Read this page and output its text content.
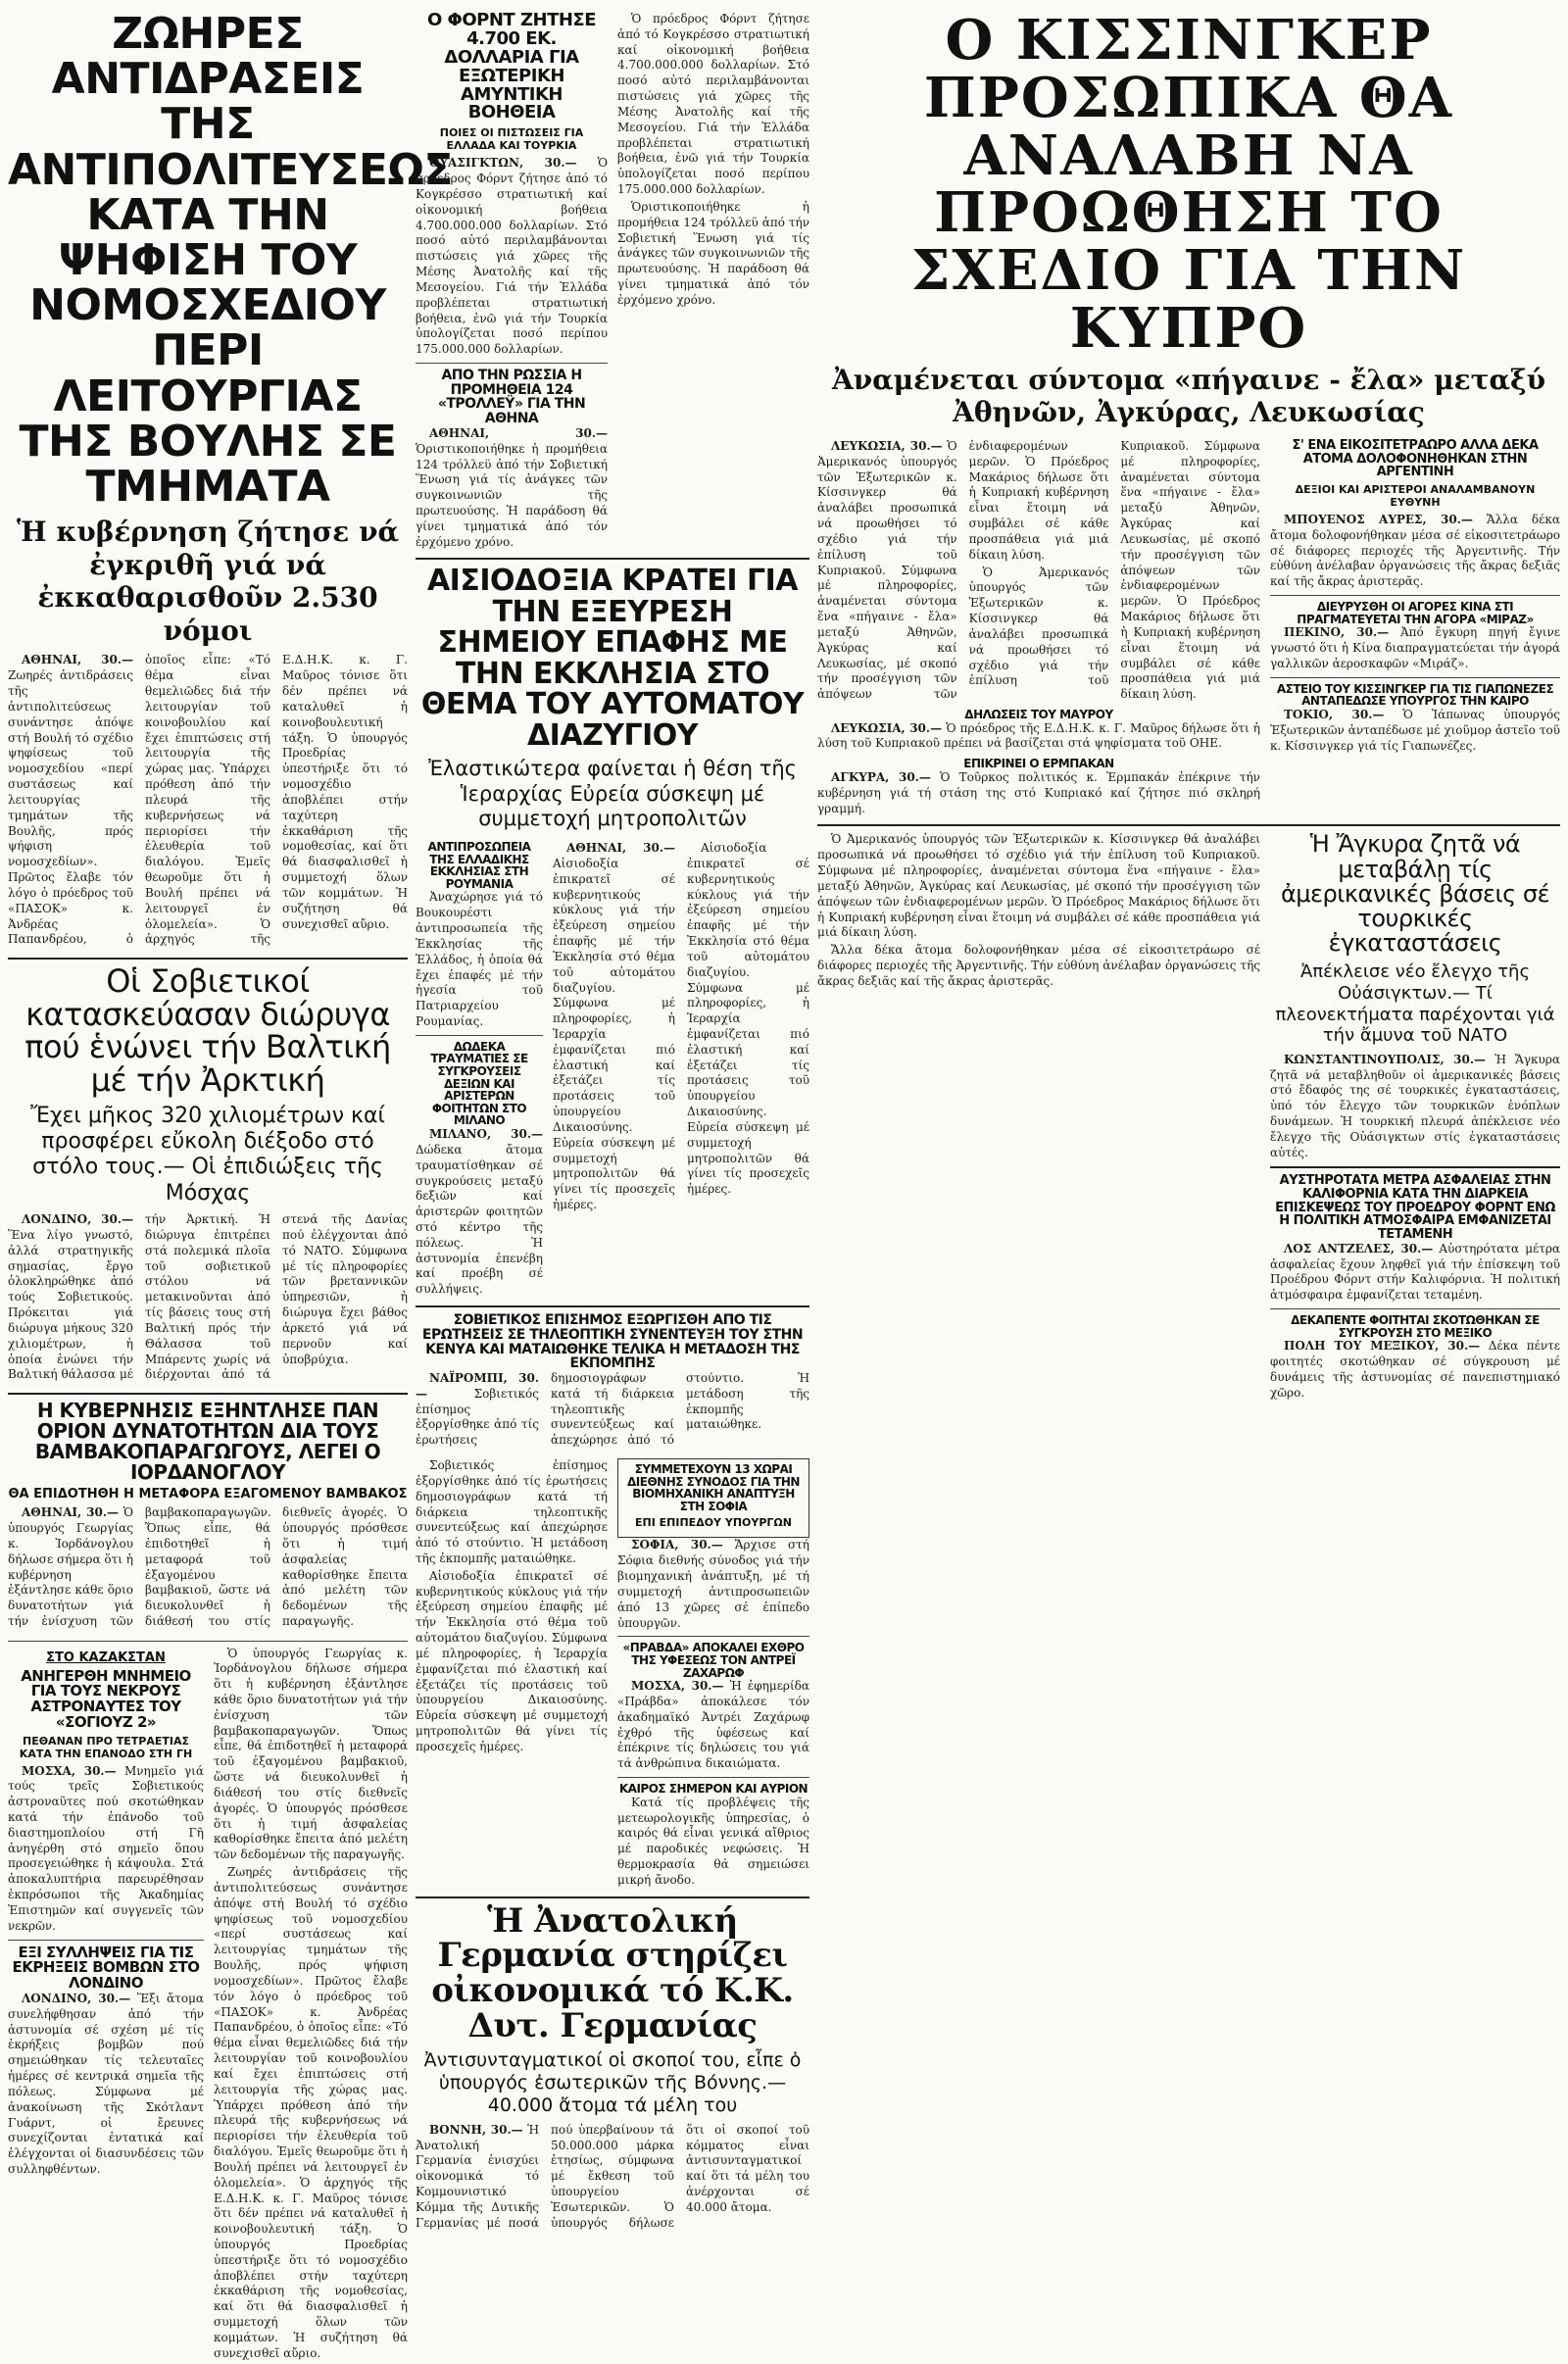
ΖΩΗΡΕΣ ΑΝΤΙΔΡΑΣΕΙΣ ΤΗΣ ΑΝΤΙΠΟΛΙΤΕΥΣΕΩΣ ΚΑΤΑ ΤΗΝ ΨΗΦΙΣΗ ΤΟΥ ΝΟΜΟΣΧΕΔΙΟΥ ΠΕΡΙ ΛΕΙΤΟΥΡΓΙΑΣ ΤΗΣ ΒΟΥΛΗΣ ΣΕ ΤΜΗΜΑΤΑ
Ἡ κυβέρνηση ζήτησε νά ἐγκριθῆ γιά νά ἐκκαθαρισθοῦν 2.530 νόμοι

ΑΘΗΝΑΙ, 30.— Ζωηρές ἀντιδράσεις τῆς ἀντιπολιτεύσεως συνάντησε ἀπόψε στή Βουλή τό σχέδιο ψηφίσεως τοῦ νομοσχεδίου «περί συστάσεως καί λειτουργίας τμημάτων τῆς Βουλῆς, πρός ψήφιση νομοσχεδίων». Πρῶτος ἔλαβε τόν λόγο ὁ πρόεδρος τοῦ «ΠΑΣΟΚ» κ. Ἀνδρέας Παπανδρέου, ὁ ὁποῖος εἶπε: «Τό θέμα εἶναι θεμελιῶδες διά τήν λειτουργίαν τοῦ κοινοβουλίου καί ἔχει ἐπιπτώσεις στή λειτουργία τῆς χώρας μας. Ὑπάρχει πρόθεση ἀπό τήν πλευρά τῆς κυβερνήσεως νά περιορίσει τήν ἐλευθερία τοῦ διαλόγου. Ἐμεῖς θεωροῦμε ὅτι ἡ Βουλή πρέπει νά λειτουργεῖ ἐν ὁλομελεία». Ὁ ἀρχηγός τῆς Ε.Δ.Η.Κ. κ. Γ. Μαῦρος τόνισε ὅτι δέν πρέπει νά καταλυθεῖ ἡ κοινοβουλευτική τάξη. Ὁ ὑπουργός Προεδρίας ὑπεστήριξε ὅτι τό νομοσχέδιο ἀποβλέπει στήν ταχύτερη ἐκκαθάριση τῆς νομοθεσίας, καί ὅτι θά διασφαλισθεῖ ἡ συμμετοχή ὅλων τῶν κομμάτων. Ἡ συζήτηση θά συνεχισθεῖ αὔριο.

Οἱ Σοβιετικοί κατασκεύασαν διώρυγα πού ἑνώνει τήν Βαλτική μέ τήν Ἀρκτική
Ἔχει μῆκος 320 χιλιομέτρων καί προσφέρει εὔκολη διέξοδο στό στόλο τους.— Οἱ ἐπιδιώξεις τῆς Μόσχας

ΛΟΝΔΙΝΟ, 30.— Ἕνα λίγο γνωστό, ἀλλά στρατηγικῆς σημασίας, ἔργο ὁλοκληρώθηκε ἀπό τούς Σοβιετικούς. Πρόκειται γιά διώρυγα μήκους 320 χιλιομέτρων, ἡ ὁποία ἑνώνει τήν Βαλτική θάλασσα μέ τήν Ἀρκτική. Ἡ διώρυγα ἐπιτρέπει στά πολεμικά πλοῖα τοῦ σοβιετικοῦ στόλου νά μετακινοῦνται ἀπό τίς βάσεις τους στή Βαλτική πρός τήν Θάλασσα τοῦ Μπάρεντς χωρίς νά διέρχονται ἀπό τά στενά τῆς Δανίας πού ἐλέγχονται ἀπό τό ΝΑΤΟ. Σύμφωνα μέ τίς πληροφορίες τῶν βρεταννικῶν ὑπηρεσιῶν, ἡ διώρυγα ἔχει βάθος ἀρκετό γιά νά περνοῦν καί ὑποβρύχια.

Η ΚΥΒΕΡΝΗΣΙΣ ΕΞΗΝΤΛΗΣΕ ΠΑΝ ΟΡΙΟΝ ΔΥΝΑΤΟΤΗΤΩΝ ΔΙΑ ΤΟΥΣ ΒΑΜΒΑΚΟΠΑΡΑΓΩΓΟΥΣ, ΛΕΓΕΙ Ο ΙΟΡΔΑΝΟΓΛΟΥ
ΘΑ ΕΠΙΔΟΤΗΘΗ Η ΜΕΤΑΦΟΡΑ ΕΞΑΓΟΜΕΝΟΥ ΒΑΜΒΑΚΟΣ

ΑΘΗΝΑΙ, 30.— Ὁ ὑπουργός Γεωργίας κ. Ἰορδάνογλου δήλωσε σήμερα ὅτι ἡ κυβέρνηση ἐξάντλησε κάθε ὅριο δυνατοτήτων γιά τήν ἐνίσχυση τῶν βαμβακοπαραγωγῶν. Ὅπως εἶπε, θά ἐπιδοτηθεῖ ἡ μεταφορά τοῦ ἐξαγομένου βαμβακιοῦ, ὥστε νά διευκολυνθεῖ ἡ διάθεσή του στίς διεθνεῖς ἀγορές. Ὁ ὑπουργός πρόσθεσε ὅτι ἡ τιμή ἀσφαλείας καθορίσθηκε ἔπειτα ἀπό μελέτη τῶν δεδομένων τῆς παραγωγῆς.

ΣΤΟ ΚΑΖΑΚΣΤΑΝ
ΑΝΗΓΕΡΘΗ ΜΝΗΜΕΙΟ ΓΙΑ ΤΟΥΣ ΝΕΚΡΟΥΣ ΑΣΤΡΟΝΑΥΤΕΣ ΤΟΥ «ΣΟΓΙΟΥΖ 2»
ΠΕΘΑΝΑΝ ΠΡΟ ΤΕΤΡΑΕΤΙΑΣ ΚΑΤΑ ΤΗΝ ΕΠΑΝΟΔΟ ΣΤΗ ΓΗ

ΜΟΣΧΑ, 30.— Μνημεῖο γιά τούς τρεῖς Σοβιετικούς ἀστροναῦτες πού σκοτώθηκαν κατά τήν ἐπάνοδο τοῦ διαστημοπλοίου στή Γῆ ἀνηγέρθη στό σημεῖο ὅπου προσεγειώθηκε ἡ κάψουλα. Στά ἀποκαλυπτήρια παρευρέθησαν ἐκπρόσωποι τῆς Ἀκαδημίας Ἐπιστημῶν καί συγγενεῖς τῶν νεκρῶν.

ΕΞΙ ΣΥΛΛΗΨΕΙΣ ΓΙΑ ΤΙΣ ΕΚΡΗΞΕΙΣ ΒΟΜΒΩΝ ΣΤΟ ΛΟΝΔΙΝΟ

ΛΟΝΔΙΝΟ, 30.— Ἕξι ἄτομα συνελήφθησαν ἀπό τήν ἀστυνομία σέ σχέση μέ τίς ἐκρήξεις βομβῶν πού σημειώθηκαν τίς τελευταῖες ἡμέρες σέ κεντρικά σημεῖα τῆς πόλεως. Σύμφωνα μέ ἀνακοίνωση τῆς Σκότλαντ Γυάρντ, οἱ ἔρευνες συνεχίζονται ἐντατικά καί ἐλέγχονται οἱ διασυνδέσεις τῶν συλληφθέντων.

Ὁ ὑπουργός Γεωργίας κ. Ἰορδάνογλου δήλωσε σήμερα ὅτι ἡ κυβέρνηση ἐξάντλησε κάθε ὅριο δυνατοτήτων γιά τήν ἐνίσχυση τῶν βαμβακοπαραγωγῶν. Ὅπως εἶπε, θά ἐπιδοτηθεῖ ἡ μεταφορά τοῦ ἐξαγομένου βαμβακιοῦ, ὥστε νά διευκολυνθεῖ ἡ διάθεσή του στίς διεθνεῖς ἀγορές. Ὁ ὑπουργός πρόσθεσε ὅτι ἡ τιμή ἀσφαλείας καθορίσθηκε ἔπειτα ἀπό μελέτη τῶν δεδομένων τῆς παραγωγῆς.

Ζωηρές ἀντιδράσεις τῆς ἀντιπολιτεύσεως συνάντησε ἀπόψε στή Βουλή τό σχέδιο ψηφίσεως τοῦ νομοσχεδίου «περί συστάσεως καί λειτουργίας τμημάτων τῆς Βουλῆς, πρός ψήφιση νομοσχεδίων». Πρῶτος ἔλαβε τόν λόγο ὁ πρόεδρος τοῦ «ΠΑΣΟΚ» κ. Ἀνδρέας Παπανδρέου, ὁ ὁποῖος εἶπε: «Τό θέμα εἶναι θεμελιῶδες διά τήν λειτουργίαν τοῦ κοινοβουλίου καί ἔχει ἐπιπτώσεις στή λειτουργία τῆς χώρας μας. Ὑπάρχει πρόθεση ἀπό τήν πλευρά τῆς κυβερνήσεως νά περιορίσει τήν ἐλευθερία τοῦ διαλόγου. Ἐμεῖς θεωροῦμε ὅτι ἡ Βουλή πρέπει νά λειτουργεῖ ἐν ὁλομελεία». Ὁ ἀρχηγός τῆς Ε.Δ.Η.Κ. κ. Γ. Μαῦρος τόνισε ὅτι δέν πρέπει νά καταλυθεῖ ἡ κοινοβουλευτική τάξη. Ὁ ὑπουργός Προεδρίας ὑπεστήριξε ὅτι τό νομοσχέδιο ἀποβλέπει στήν ταχύτερη ἐκκαθάριση τῆς νομοθεσίας, καί ὅτι θά διασφαλισθεῖ ἡ συμμετοχή ὅλων τῶν κομμάτων. Ἡ συζήτηση θά συνεχισθεῖ αὔριο.

Ο ΦΟΡΝΤ ΖΗΤΗΣΕ 4.700 ΕΚ. ΔΟΛΛΑΡΙΑ ΓΙΑ ΕΞΩΤΕΡΙΚΗ ΑΜΥΝΤΙΚΗ ΒΟΗΘΕΙΑ
ΠΟΙΕΣ ΟΙ ΠΙΣΤΩΣΕΙΣ ΓΙΑ ΕΛΛΑΔΑ ΚΑΙ ΤΟΥΡΚΙΑ

ΟΥΑΣΙΓΚΤΩΝ, 30.— Ὁ πρόεδρος Φόρντ ζήτησε ἀπό τό Κογκρέσσο στρατιωτική καί οἰκονομική βοήθεια 4.700.000.000 δολλαρίων. Στό ποσό αὐτό περιλαμβάνονται πιστώσεις γιά χῶρες τῆς Μέσης Ἀνατολῆς καί τῆς Μεσογείου. Γιά τήν Ἑλλάδα προβλέπεται στρατιωτική βοήθεια, ἐνῶ γιά τήν Τουρκία ὑπολογίζεται ποσό περίπου 175.000.000 δολλαρίων.

ΑΠΟ ΤΗΝ ΡΩΣΣΙΑ Η ΠΡΟΜΗΘΕΙΑ 124 «ΤΡΟΛΛΕΫ» ΓΙΑ ΤΗΝ ΑΘΗΝΑ

ΑΘΗΝΑΙ, 30.— Ὁριστικοποιήθηκε ἡ προμήθεια 124 τρόλλεϋ ἀπό τήν Σοβιετική Ἕνωση γιά τίς ἀνάγκες τῶν συγκοινωνιῶν τῆς πρωτευούσης. Ἡ παράδοση θά γίνει τμηματικά ἀπό τόν ἐρχόμενο χρόνο.

Ὁ πρόεδρος Φόρντ ζήτησε ἀπό τό Κογκρέσσο στρατιωτική καί οἰκονομική βοήθεια 4.700.000.000 δολλαρίων. Στό ποσό αὐτό περιλαμβάνονται πιστώσεις γιά χῶρες τῆς Μέσης Ἀνατολῆς καί τῆς Μεσογείου. Γιά τήν Ἑλλάδα προβλέπεται στρατιωτική βοήθεια, ἐνῶ γιά τήν Τουρκία ὑπολογίζεται ποσό περίπου 175.000.000 δολλαρίων.

Ὁριστικοποιήθηκε ἡ προμήθεια 124 τρόλλεϋ ἀπό τήν Σοβιετική Ἕνωση γιά τίς ἀνάγκες τῶν συγκοινωνιῶν τῆς πρωτευούσης. Ἡ παράδοση θά γίνει τμηματικά ἀπό τόν ἐρχόμενο χρόνο.

ΑΙΣΙΟΔΟΞΙΑ ΚΡΑΤΕΙ ΓΙΑ ΤΗΝ ΕΞΕΥΡΕΣΗ ΣΗΜΕΙΟΥ ΕΠΑΦΗΣ ΜΕ ΤΗΝ ΕΚΚΛΗΣΙΑ ΣΤΟ ΘΕΜΑ ΤΟΥ ΑΥΤΟΜΑΤΟΥ ΔΙΑΖΥΓΙΟΥ
Ἐλαστικώτερα φαίνεται ἡ θέση τῆς Ἱεραρχίας Εὐρεία σύσκεψη μέ συμμετοχή μητροπολιτῶν
ΑΝΤΙΠΡΟΣΩΠΕΙΑ ΤΗΣ ΕΛΛΑΔΙΚΗΣ ΕΚΚΛΗΣΙΑΣ ΣΤΗ ΡΟΥΜΑΝΙΑ

Ἀναχώρησε γιά τό Βουκουρέστι ἀντιπροσωπεία τῆς Ἐκκλησίας τῆς Ἑλλάδος, ἡ ὁποία θά ἔχει ἐπαφές μέ τήν ἡγεσία τοῦ Πατριαρχείου Ρουμανίας.

ΔΩΔΕΚΑ ΤΡΑΥΜΑΤΙΕΣ ΣΕ ΣΥΓΚΡΟΥΣΕΙΣ ΔΕΞΙΩΝ ΚΑΙ ΑΡΙΣΤΕΡΩΝ ΦΟΙΤΗΤΩΝ ΣΤΟ ΜΙΛΑΝΟ

ΜΙΛΑΝΟ, 30.— Δώδεκα ἄτομα τραυματίσθηκαν σέ συγκρούσεις μεταξύ δεξιῶν καί ἀριστερῶν φοιτητῶν στό κέντρο τῆς πόλεως. Ἡ ἀστυνομία ἐπενέβη καί προέβη σέ συλλήψεις.

ΑΘΗΝΑΙ, 30.— Αἰσιοδοξία ἐπικρατεῖ σέ κυβερνητικούς κύκλους γιά τήν ἐξεύρεση σημείου ἐπαφῆς μέ τήν Ἐκκλησία στό θέμα τοῦ αὐτομάτου διαζυγίου. Σύμφωνα μέ πληροφορίες, ἡ Ἱεραρχία ἐμφανίζεται πιό ἐλαστική καί ἐξετάζει τίς προτάσεις τοῦ ὑπουργείου Δικαιοσύνης. Εὐρεία σύσκεψη μέ συμμετοχή μητροπολιτῶν θά γίνει τίς προσεχεῖς ἡμέρες.

Αἰσιοδοξία ἐπικρατεῖ σέ κυβερνητικούς κύκλους γιά τήν ἐξεύρεση σημείου ἐπαφῆς μέ τήν Ἐκκλησία στό θέμα τοῦ αὐτομάτου διαζυγίου. Σύμφωνα μέ πληροφορίες, ἡ Ἱεραρχία ἐμφανίζεται πιό ἐλαστική καί ἐξετάζει τίς προτάσεις τοῦ ὑπουργείου Δικαιοσύνης. Εὐρεία σύσκεψη μέ συμμετοχή μητροπολιτῶν θά γίνει τίς προσεχεῖς ἡμέρες.

ΣΟΒΙΕΤΙΚΟΣ ΕΠΙΣΗΜΟΣ ΕΞΩΡΓΙΣΘΗ ΑΠΟ ΤΙΣ ΕΡΩΤΗΣΕΙΣ ΣΕ ΤΗΛΕΟΠΤΙΚΗ ΣΥΝΕΝΤΕΥΞΗ ΤΟΥ ΣΤΗΝ ΚΕΝΥΑ ΚΑΙ ΜΑΤΑΙΩΘΗΚΕ ΤΕΛΙΚΑ Η ΜΕΤΑΔΟΣΗ ΤΗΣ ΕΚΠΟΜΠΗΣ

ΝΑΪΡΟΜΠΙ, 30.—	Σοβιετικός ἐπίσημος ἐξοργίσθηκε ἀπό τίς ἐρωτήσεις δημοσιογράφων κατά τή διάρκεια τηλεοπτικῆς συνεντεύξεως καί ἀπεχώρησε ἀπό τό στούντιο. Ἡ μετάδοση τῆς ἐκπομπῆς ματαιώθηκε.

Σοβιετικός ἐπίσημος ἐξοργίσθηκε ἀπό τίς ἐρωτήσεις δημοσιογράφων κατά τή διάρκεια τηλεοπτικῆς συνεντεύξεως καί ἀπεχώρησε ἀπό τό στούντιο. Ἡ μετάδοση τῆς ἐκπομπῆς ματαιώθηκε.

Αἰσιοδοξία ἐπικρατεῖ σέ κυβερνητικούς κύκλους γιά τήν ἐξεύρεση σημείου ἐπαφῆς μέ τήν Ἐκκλησία στό θέμα τοῦ αὐτομάτου διαζυγίου. Σύμφωνα μέ πληροφορίες, ἡ Ἱεραρχία ἐμφανίζεται πιό ἐλαστική καί ἐξετάζει τίς προτάσεις τοῦ ὑπουργείου Δικαιοσύνης. Εὐρεία σύσκεψη μέ συμμετοχή μητροπολιτῶν θά γίνει τίς προσεχεῖς ἡμέρες.

ΣΥΜΜΕΤΕΧΟΥΝ 13 ΧΩΡΑΙ ΔΙΕΘΝΗΣ ΣΥΝΟΔΟΣ ΓΙΑ ΤΗΝ ΒΙΟΜΗΧΑΝΙΚΗ ΑΝΑΠΤΥΞΗ ΣΤΗ ΣΟΦΙΑ
ΕΠΙ ΕΠΙΠΕΔΟΥ ΥΠΟΥΡΓΩΝ

ΣΟΦΙΑ, 30.— Ἄρχισε στή Σόφια διεθνής σύνοδος γιά τήν βιομηχανική ἀνάπτυξη, μέ τή συμμετοχή ἀντιπροσωπειῶν ἀπό 13 χῶρες σέ ἐπίπεδο ὑπουργῶν.

«ΠΡΑΒΔΑ» ΑΠΟΚΑΛΕΙ ΕΧΘΡΟ ΤΗΣ ΥΦΕΣΕΩΣ ΤΟΝ ΑΝΤΡΕΪ ΖΑΧΑΡΩΦ

ΜΟΣΧΑ, 30.— Ἡ ἐφημερίδα «Πράβδα» ἀποκάλεσε τόν ἀκαδημαϊκό Ἀντρέι Ζαχάρωφ ἐχθρό τῆς ὑφέσεως καί ἐπέκρινε τίς δηλώσεις του γιά τά ἀνθρώπινα δικαιώματα.

ΚΑΙΡΟΣ ΣΗΜΕΡΟΝ ΚΑΙ ΑΥΡΙΟΝ

Κατά τίς προβλέψεις τῆς μετεωρολογικῆς ὑπηρεσίας, ὁ καιρός θά εἶναι γενικά αἴθριος μέ παροδικές νεφώσεις. Ἡ θερμοκρασία θά σημειώσει μικρή ἄνοδο.

Ἡ Ἀνατολική Γερμανία στηρίζει οἰκονομικά τό Κ.Κ. Δυτ. Γερμανίας
Ἀντισυνταγματικοί οἱ σκοποί του, εἶπε ὁ ὑπουργός ἐσωτερικῶν τῆς Βόννης.— 40.000 ἄτομα τά μέλη του

ΒΟΝΝΗ, 30.— Ἡ Ἀνατολική Γερμανία ἐνισχύει οἰκονομικά τό Κομμουνιστικό Κόμμα τῆς Δυτικῆς Γερμανίας μέ ποσά πού ὑπερβαίνουν τά 50.000.000 μάρκα ἐτησίως, σύμφωνα μέ ἔκθεση τοῦ ὑπουργείου Ἐσωτερικῶν. Ὁ ὑπουργός δήλωσε ὅτι οἱ σκοποί τοῦ κόμματος εἶναι ἀντισυνταγματικοί καί ὅτι τά μέλη του ἀνέρχονται σέ 40.000 ἄτομα.

Ο ΚΙΣΣΙΝΓΚΕΡ ΠΡΟΣΩΠΙΚΑ ΘΑ ΑΝΑΛΑΒΗ ΝΑ ΠΡΟΩΘΗΣΗ ΤΟ ΣΧΕΔΙΟ ΓΙΑ ΤΗΝ ΚΥΠΡΟ
Ἀναμένεται σύντομα «πήγαινε - ἔλα» μεταξύ Ἀθηνῶν, Ἀγκύρας, Λευκωσίας

ΛΕΥΚΩΣΙΑ, 30.— Ὁ Ἀμερικανός ὑπουργός τῶν Ἐξωτερικῶν κ. Κίσσινγκερ θά ἀναλάβει προσωπικά νά προωθήσει τό σχέδιο γιά τήν ἐπίλυση τοῦ Κυπριακοῦ. Σύμφωνα μέ πληροφορίες, ἀναμένεται σύντομα ἕνα «πήγαινε - ἔλα» μεταξύ Ἀθηνῶν, Ἀγκύρας καί Λευκωσίας, μέ σκοπό τήν προσέγγιση τῶν ἀπόψεων τῶν ἐνδιαφερομένων μερῶν. Ὁ Πρόεδρος Μακάριος δήλωσε ὅτι ἡ Κυπριακή κυβέρνηση εἶναι ἕτοιμη νά συμβάλει σέ κάθε προσπάθεια γιά μιά δίκαιη λύση.

Ὁ Ἀμερικανός ὑπουργός τῶν Ἐξωτερικῶν κ. Κίσσινγκερ θά ἀναλάβει προσωπικά νά προωθήσει τό σχέδιο γιά τήν ἐπίλυση τοῦ Κυπριακοῦ. Σύμφωνα μέ πληροφορίες, ἀναμένεται σύντομα ἕνα «πήγαινε - ἔλα» μεταξύ Ἀθηνῶν, Ἀγκύρας καί Λευκωσίας, μέ σκοπό τήν προσέγγιση τῶν ἀπόψεων τῶν ἐνδιαφερομένων μερῶν. Ὁ Πρόεδρος Μακάριος δήλωσε ὅτι ἡ Κυπριακή κυβέρνηση εἶναι ἕτοιμη νά συμβάλει σέ κάθε προσπάθεια γιά μιά δίκαιη λύση.

ΔΗΛΩΣΕΙΣ ΤΟΥ ΜΑΥΡΟΥ

ΛΕΥΚΩΣΙΑ, 30.— Ὁ πρόεδρος τῆς Ε.Δ.Η.Κ. κ. Γ. Μαῦρος δήλωσε ὅτι ἡ λύση τοῦ Κυπριακοῦ πρέπει νά βασίζεται στά ψηφίσματα τοῦ ΟΗΕ.

ΕΠΙΚΡΙΝΕΙ Ο ΕΡΜΠΑΚΑΝ

ΑΓΚΥΡΑ, 30.— Ὁ Τοῦρκος πολιτικός κ. Ἐρμπακάν ἐπέκρινε τήν κυβέρνηση γιά τή στάση της στό Κυπριακό καί ζήτησε πιό σκληρή γραμμή.

Σ' ΕΝΑ ΕΙΚΟΣΙΤΕΤΡΑΩΡΟ ΑΛΛΑ ΔΕΚΑ ΑΤΟΜΑ ΔΟΛΟΦΟΝΗΘΗΚΑΝ ΣΤΗΝ ΑΡΓΕΝΤΙΝΗ
ΔΕΞΙΟΙ ΚΑΙ ΑΡΙΣΤΕΡΟΙ ΑΝΑΛΑΜΒΑΝΟΥΝ ΕΥΘΥΝΗ

ΜΠΟΥΕΝΟΣ ΑΥΡΕΣ, 30.— Ἄλλα δέκα ἄτομα δολοφονήθηκαν μέσα σέ εἰκοσιτετράωρο σέ διάφορες περιοχές τῆς Ἀργεντινῆς. Τήν εὐθύνη ἀνέλαβαν ὀργανώσεις τῆς ἄκρας δεξιᾶς καί τῆς ἄκρας ἀριστερᾶς.

ΔΙΕΥΡΥΣΘΗ ΟΙ ΑΓΟΡΕΣ ΚΙΝΑ ΣΤΙ ΠΡΑΓΜΑΤΕΥΕΤΑΙ ΤΗΝ ΑΓΟΡΑ «ΜΙΡΑΖ»

ΠΕΚΙΝΟ, 30.— Ἀπό ἔγκυρη πηγή ἔγινε γνωστό ὅτι ἡ Κίνα διαπραγματεύεται τήν ἀγορά γαλλικῶν ἀεροσκαφῶν «Μιράζ».

ΑΣΤΕΙΟ ΤΟΥ ΚΙΣΣΙΝΓΚΕΡ ΓΙΑ ΤΙΣ ΓΙΑΠΩΝΕΖΕΣ ΑΝΤΑΠΕΔΩΣΕ ΥΠΟΥΡΓΟΣ ΤΗΝ ΚΑΙΡΟ

ΤΟΚΙΟ, 30.— Ὁ Ἰάπωνας ὑπουργός Ἐξωτερικῶν ἀνταπέδωσε μέ χιοῦμορ ἀστεῖο τοῦ κ. Κίσσινγκερ γιά τίς Γιαπωνέζες.

Ὁ Ἀμερικανός ὑπουργός τῶν Ἐξωτερικῶν κ. Κίσσινγκερ θά ἀναλάβει προσωπικά νά προωθήσει τό σχέδιο γιά τήν ἐπίλυση τοῦ Κυπριακοῦ. Σύμφωνα μέ πληροφορίες, ἀναμένεται σύντομα ἕνα «πήγαινε - ἔλα» μεταξύ Ἀθηνῶν, Ἀγκύρας καί Λευκωσίας, μέ σκοπό τήν προσέγγιση τῶν ἀπόψεων τῶν ἐνδιαφερομένων μερῶν. Ὁ Πρόεδρος Μακάριος δήλωσε ὅτι ἡ Κυπριακή κυβέρνηση εἶναι ἕτοιμη νά συμβάλει σέ κάθε προσπάθεια γιά μιά δίκαιη λύση.

Ἄλλα δέκα ἄτομα δολοφονήθηκαν μέσα σέ εἰκοσιτετράωρο σέ διάφορες περιοχές τῆς Ἀργεντινῆς. Τήν εὐθύνη ἀνέλαβαν ὀργανώσεις τῆς ἄκρας δεξιᾶς καί τῆς ἄκρας ἀριστερᾶς.

Ἡ Ἄγκυρα ζητᾶ νά μεταβάλῃ τίς ἀμερικανικές βάσεις σέ τουρκικές ἐγκαταστάσεις
Ἀπέκλεισε νέο ἔλεγχο τῆς Οὐάσιγκτων.— Τί πλεονεκτήματα παρέχονται γιά τήν ἄμυνα τοῦ ΝΑΤΟ

ΚΩΝΣΤΑΝΤΙΝΟΥΠΟΛΙΣ, 30.— Ἡ Ἄγκυρα ζητᾶ νά μεταβληθοῦν οἱ ἀμερικανικές βάσεις στό ἔδαφός της σέ τουρκικές ἐγκαταστάσεις, ὑπό τόν ἔλεγχο τῶν τουρκικῶν ἐνόπλων δυνάμεων. Ἡ τουρκική πλευρά ἀπέκλεισε νέο ἔλεγχο τῆς Οὐάσιγκτων στίς ἐγκαταστάσεις αὐτές.

ΑΥΣΤΗΡΟΤΑΤΑ ΜΕΤΡΑ ΑΣΦΑΛΕΙΑΣ ΣΤΗΝ ΚΑΛΙΦΟΡΝΙΑ ΚΑΤΑ ΤΗΝ ΔΙΑΡΚΕΙΑ ΕΠΙΣΚΕΨΕΩΣ ΤΟΥ ΠΡΟΕΔΡΟΥ ΦΟΡΝΤ ΕΝΩ Η ΠΟΛΙΤΙΚΗ ΑΤΜΟΣΦΑΙΡΑ ΕΜΦΑΝΙΖΕΤΑΙ ΤΕΤΑΜΕΝΗ

ΛΟΣ ΑΝΤΖΕΛΕΣ, 30.— Αὐστηρότατα μέτρα ἀσφαλείας ἔχουν ληφθεῖ γιά τήν ἐπίσκεψη τοῦ Προέδρου Φόρντ στήν Καλιφόρνια. Ἡ πολιτική ἀτμόσφαιρα ἐμφανίζεται τεταμένη.

ΔΕΚΑΠΕΝΤΕ ΦΟΙΤΗΤΑΙ ΣΚΟΤΩΘΗΚΑΝ ΣΕ ΣΥΓΚΡΟΥΣΗ ΣΤΟ ΜΕΞΙΚΟ

ΠΟΛΗ ΤΟΥ ΜΕΞΙΚΟΥ, 30.— Δέκα πέντε φοιτητές σκοτώθηκαν σέ σύγκρουση μέ δυνάμεις τῆς ἀστυνομίας σέ πανεπιστημιακό χῶρο.
